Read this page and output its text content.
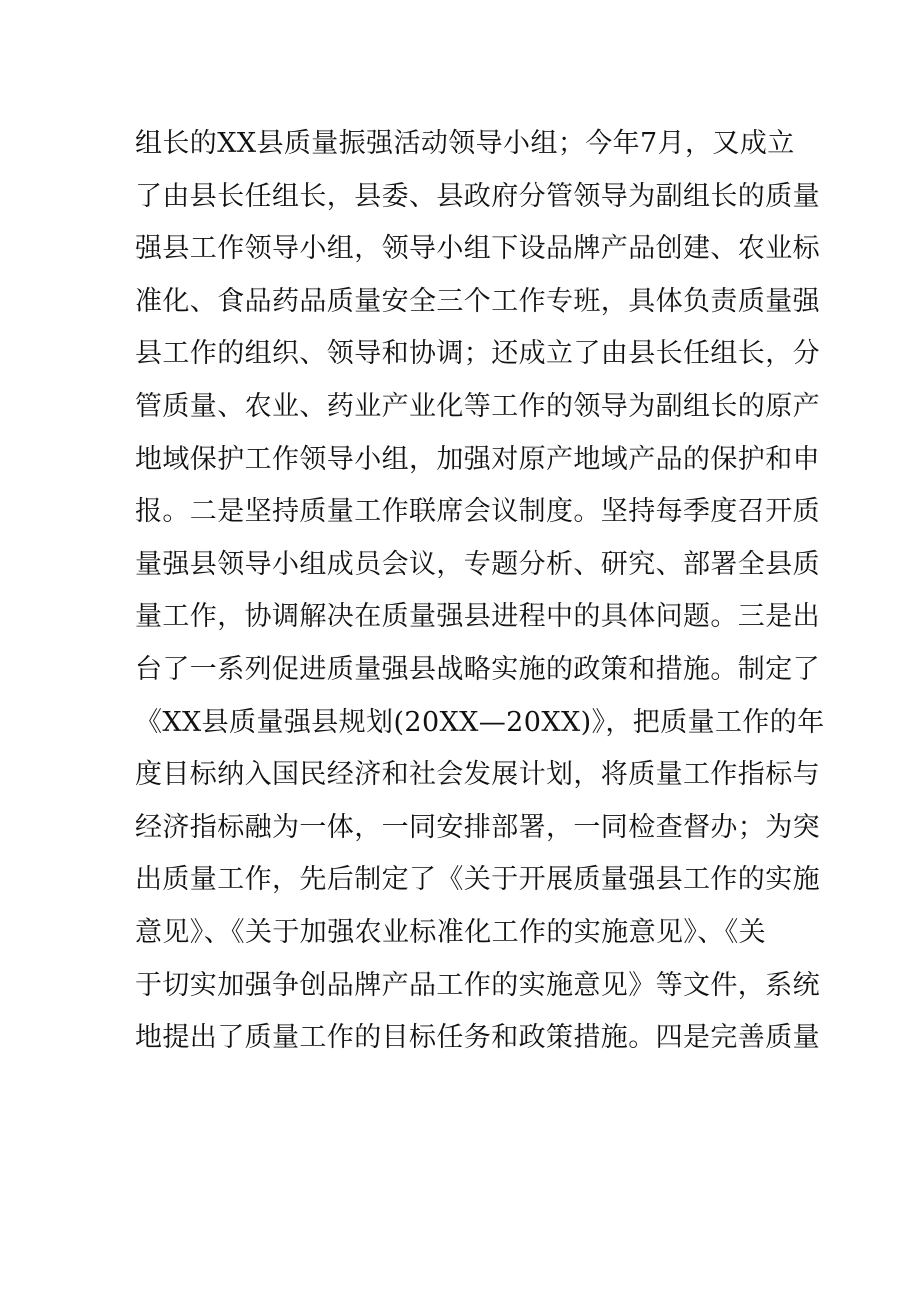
组长的XX县质量振强活动领导小组；今年7月，又成立
了由县长任组长，县委、县政府分管领导为副组长的质量
强县工作领导小组，领导小组下设品牌产品创建、农业标
准化、食品药品质量安全三个工作专班，具体负责质量强
县工作的组织、领导和协调；还成立了由县长任组长，分
管质量、农业、药业产业化等工作的领导为副组长的原产
地域保护工作领导小组，加强对原产地域产品的保护和申
报。二是坚持质量工作联席会议制度。坚持每季度召开质
量强县领导小组成员会议，专题分析、研究、部署全县质
量工作，协调解决在质量强县进程中的具体问题。三是出
台了一系列促进质量强县战略实施的政策和措施。制定了
《XX县质量强县规划(20XX—20XX)》，把质量工作的年
度目标纳入国民经济和社会发展计划，将质量工作指标与
经济指标融为一体，一同安排部署，一同检查督办；为突
出质量工作，先后制定了《关于开展质量强县工作的实施
意见》、《关于加强农业标准化工作的实施意见》、《关
于切实加强争创品牌产品工作的实施意见》等文件，系统
地提出了质量工作的目标任务和政策措施。四是完善质量
